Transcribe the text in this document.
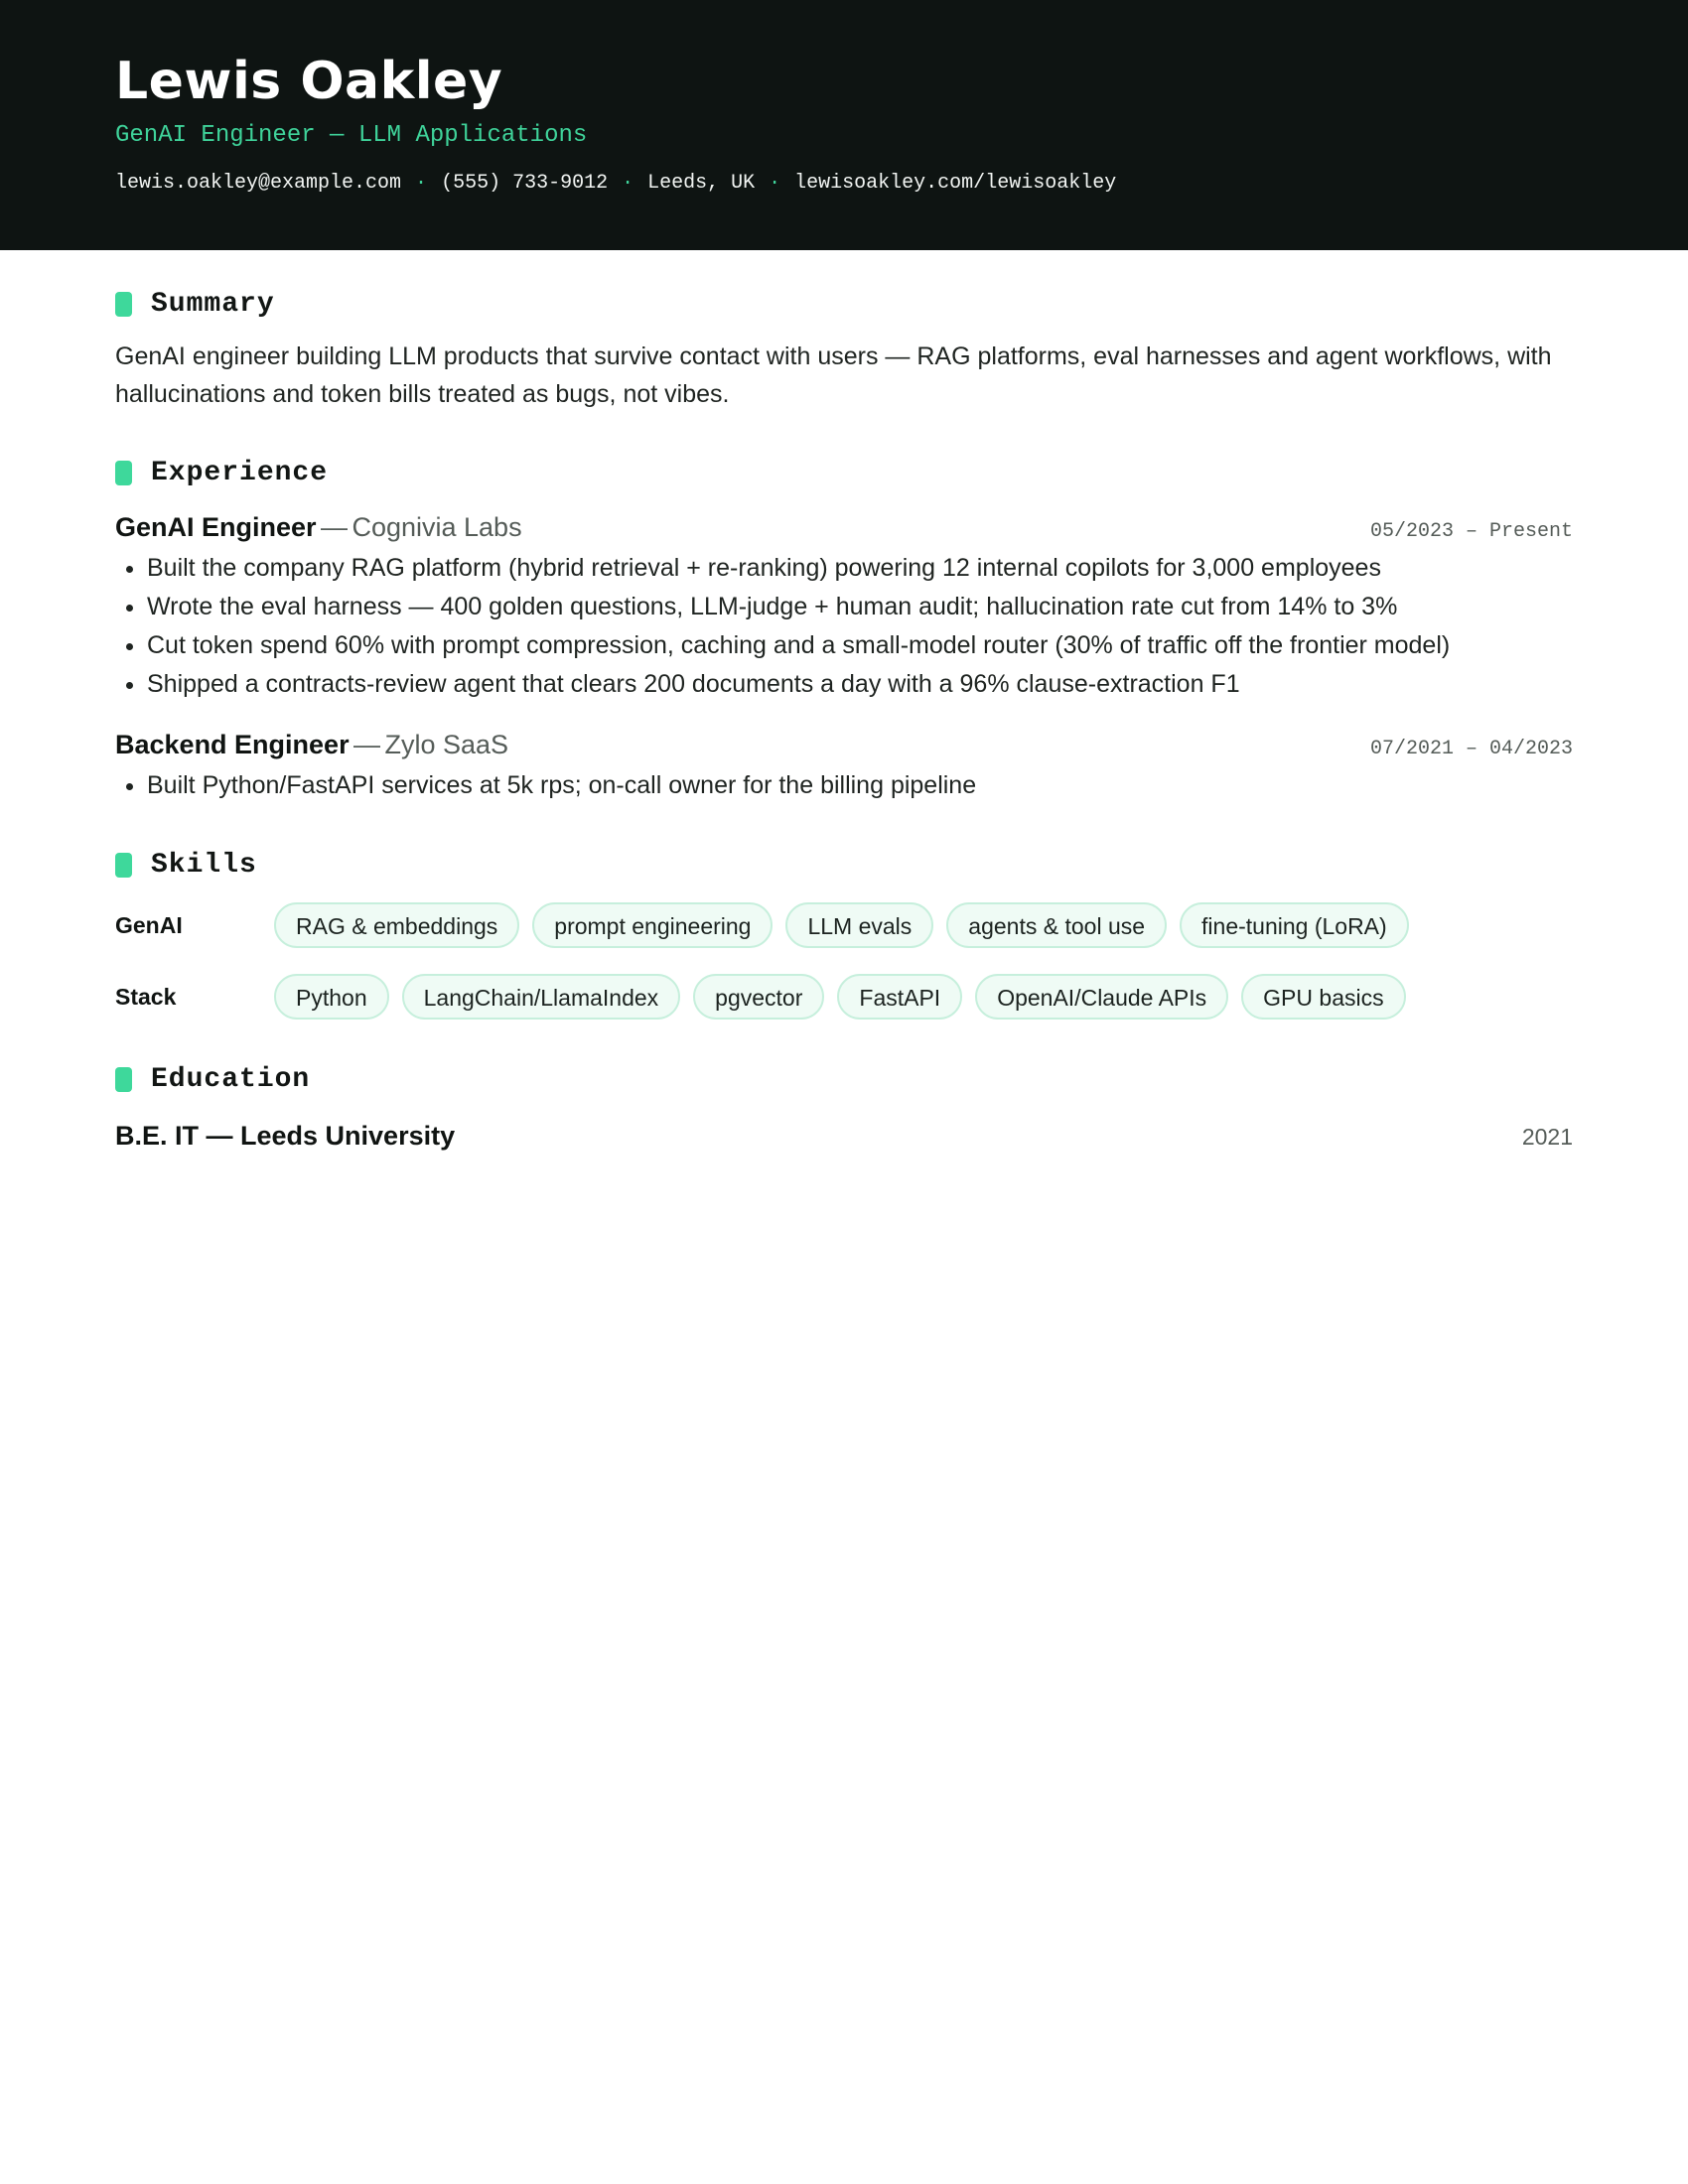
Lewis Oakley
GenAI Engineer — LLM Applications
lewis.oakley@example.com · (555) 733-9012 · Leeds, UK · lewisoakley.com/lewisoakley
Summary

GenAI engineer building LLM products that survive contact with users — RAG platforms, eval harnesses and agent workflows, with hallucinations and token bills treated as bugs, not vibes.

Experience
GenAI Engineer — Cognivia Labs	05/2023 – Present
• Built the company RAG platform (hybrid retrieval + re-ranking) powering 12 internal copilots for 3,000 employees
• Wrote the eval harness — 400 golden questions, LLM-judge + human audit; hallucination rate cut from 14% to 3%
• Cut token spend 60% with prompt compression, caching and a small-model router (30% of traffic off the frontier model)
• Shipped a contracts-review agent that clears 200 documents a day with a 96% clause-extraction F1
Backend Engineer — Zylo SaaS	07/2021 – 04/2023
• Built Python/FastAPI services at 5k rps; on-call owner for the billing pipeline
Skills
GenAI	RAG & embeddings	prompt engineering	LLM evals	agents & tool use	fine-tuning (LoRA)
Stack	Python	LangChain/LlamaIndex	pgvector	FastAPI	OpenAI/Claude APIs	GPU basics
Education
B.E. IT — Leeds University	2021
